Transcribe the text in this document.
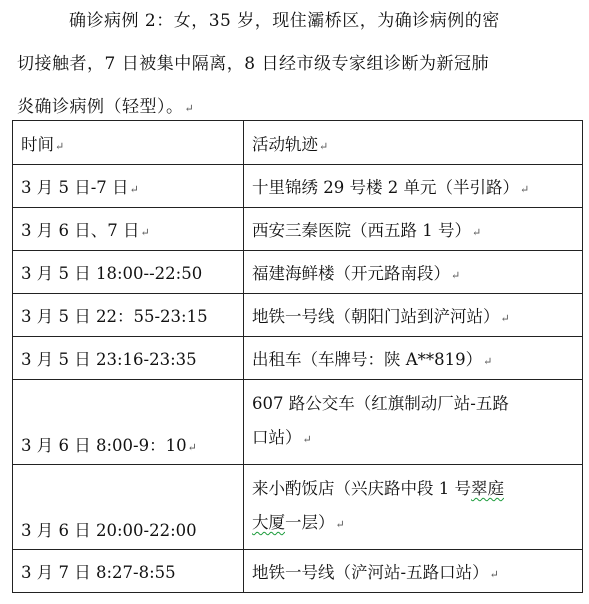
确诊病例 2：女，35 岁，现住灞桥区，为确诊病例的密
切接触者，7 日被集中隔离，8 日经市级专家组诊断为新冠肺
炎确诊病例（轻型）。↵
时间↵	活动轨迹↵
3 月 5 日-7 日↵	十里锦绣 29 号楼 2 单元（半引路）↵
3 月 6 日、7 日↵	西安三秦医院（西五路 1 号）↵
3 月 5 日 18:00--22:50	福建海鲜楼（开元路南段）↵
3 月 5 日 22：55-23:15	地铁一号线（朝阳门站到浐河站）↵
3 月 5 日 23:16-23:35	出租车（车牌号：陕 A**819）↵
3 月 6 日 8:00-9：10↵	607 路公交车（红旗制动厂站-五路
口站）↵

3 月 6 日 20:00-22:00	来小酌饭店（兴庆路中段 1 号翠庭
大厦一层）↵

3 月 7 日 8:27-8:55	地铁一号线（浐河站-五路口站）↵
